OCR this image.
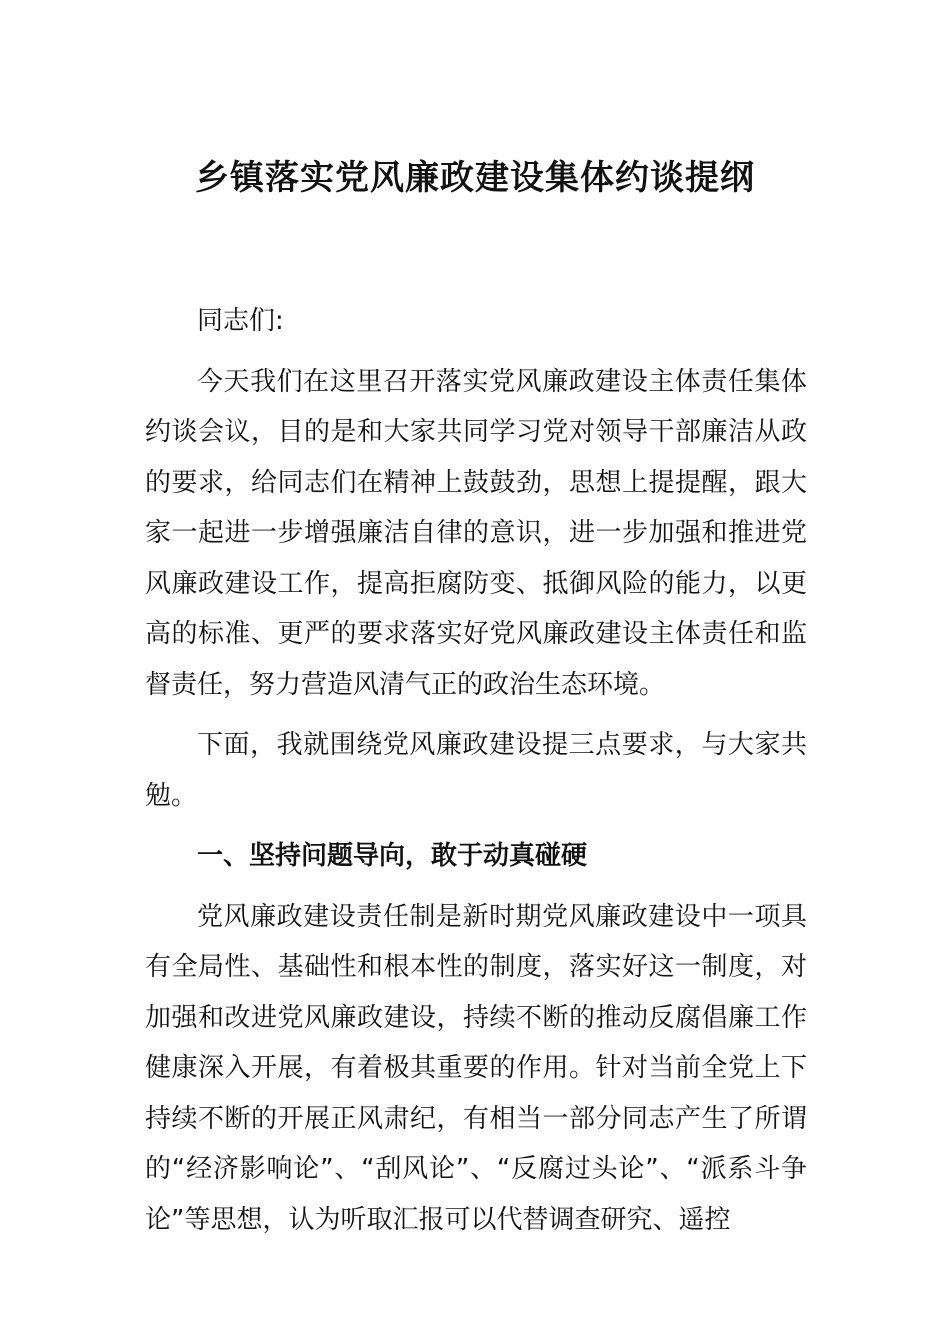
乡镇落实党风廉政建设集体约谈提纲

同志们:

今天我们在这里召开落实党风廉政建设主体责任集体约谈会议，目的是和大家共同学习党对领导干部廉洁从政的要求，给同志们在精神上鼓鼓劲，思想上提提醒，跟大家一起进一步增强廉洁自律的意识，进一步加强和推进党风廉政建设工作，提高拒腐防变、抵御风险的能力，以更高的标准、更严的要求落实好党风廉政建设主体责任和监督责任，努力营造风清气正的政治生态环境。

下面，我就围绕党风廉政建设提三点要求，与大家共勉。

一、坚持问题导向，敢于动真碰硬

党风廉政建设责任制是新时期党风廉政建设中一项具有全局性、基础性和根本性的制度，落实好这一制度，对加强和改进党风廉政建设，持续不断的推动反腐倡廉工作健康深入开展，有着极其重要的作用。针对当前全党上下持续不断的开展正风肃纪，有相当一部分同志产生了所谓的“经济影响论”、“刮风论”、“反腐过头论”、“派系斗争论”等思想，认为听取汇报可以代替调查研究、遥控
